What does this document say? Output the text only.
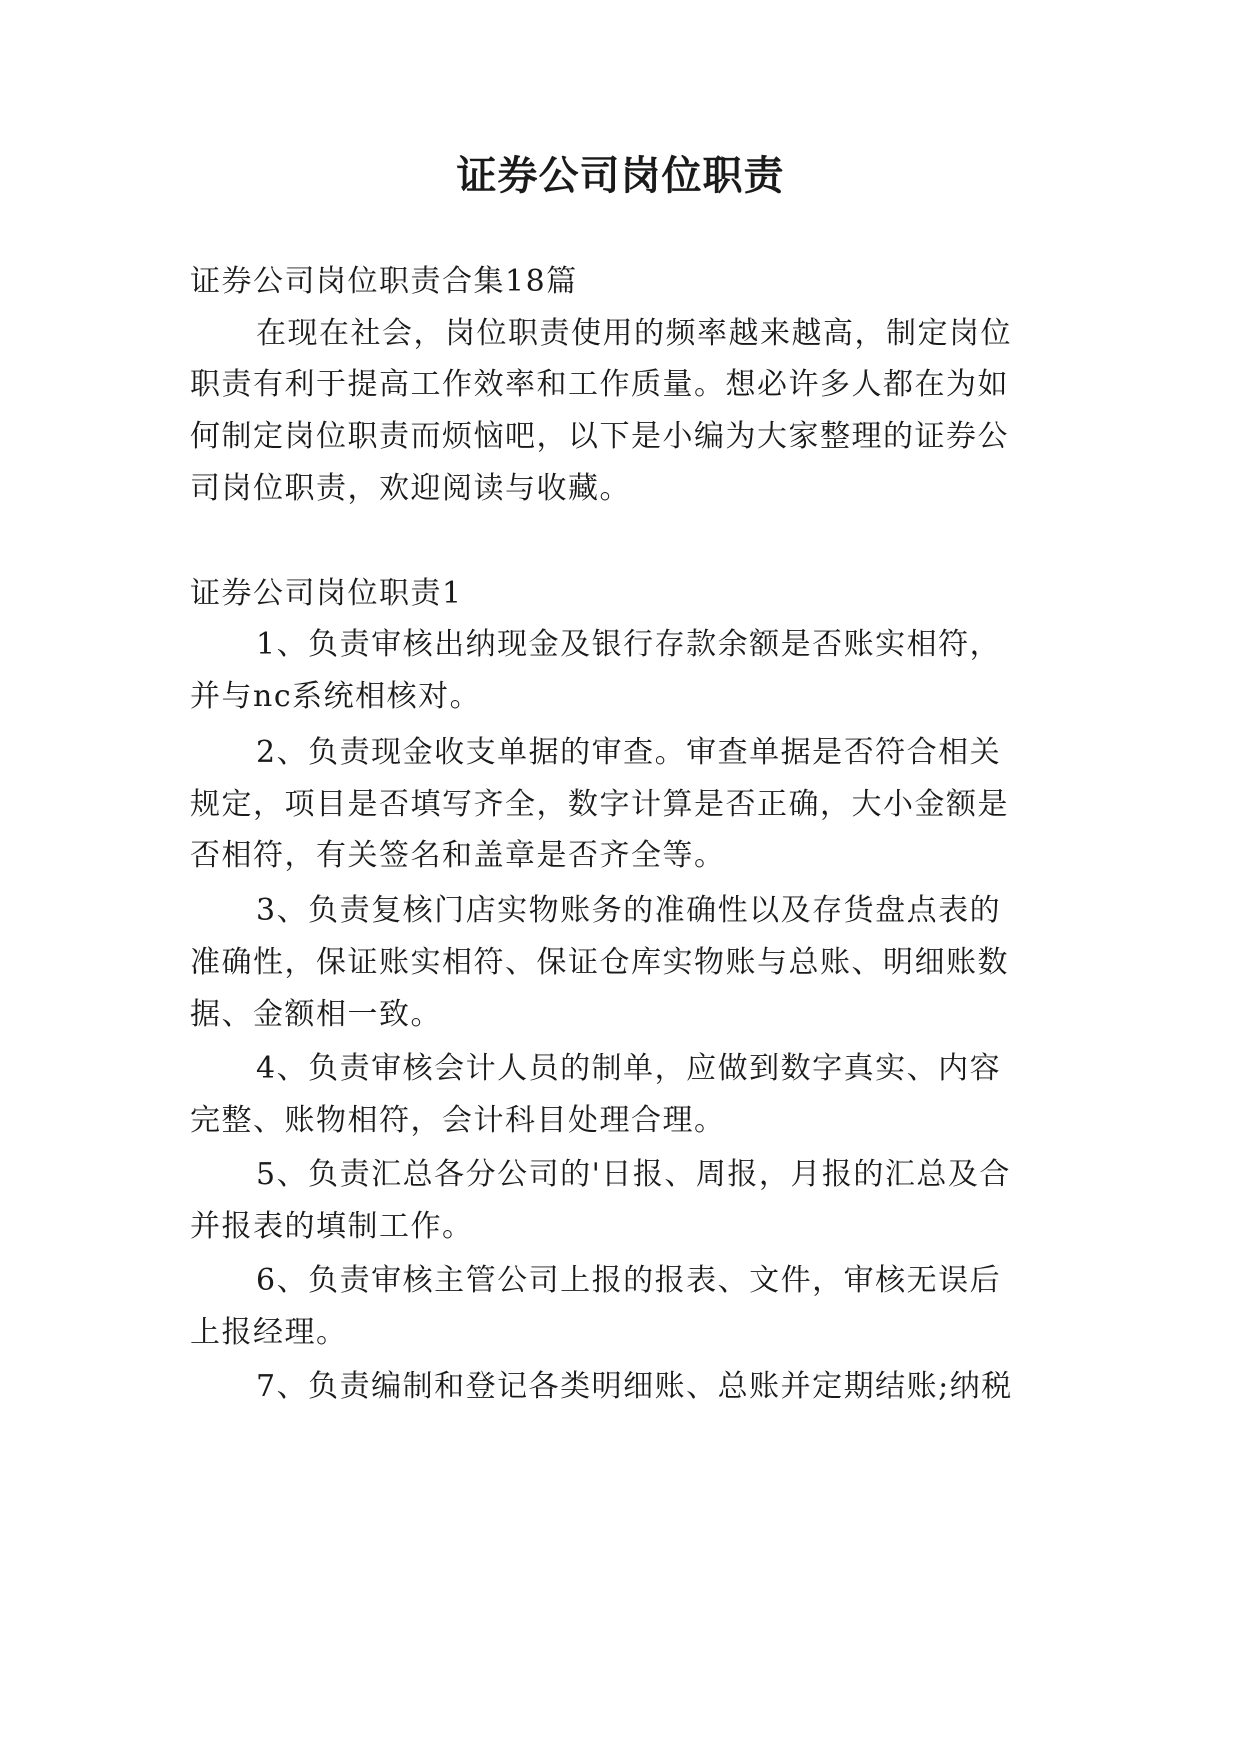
证券公司岗位职责
证券公司岗位职责合集18篇
在现在社会，岗位职责使用的频率越来越高，制定岗位
职责有利于提高工作效率和工作质量。想必许多人都在为如
何制定岗位职责而烦恼吧，以下是小编为大家整理的证券公
司岗位职责，欢迎阅读与收藏。
证券公司岗位职责1
1、负责审核出纳现金及银行存款余额是否账实相符，
并与nc系统相核对。
2、负责现金收支单据的审查。审查单据是否符合相关
规定，项目是否填写齐全，数字计算是否正确，大小金额是
否相符，有关签名和盖章是否齐全等。
3、负责复核门店实物账务的准确性以及存货盘点表的
准确性，保证账实相符、保证仓库实物账与总账、明细账数
据、金额相一致。
4、负责审核会计人员的制单，应做到数字真实、内容
完整、账物相符，会计科目处理合理。
5、负责汇总各分公司的'日报、周报，月报的汇总及合
并报表的填制工作。
6、负责审核主管公司上报的报表、文件，审核无误后
上报经理。
7、负责编制和登记各类明细账、总账并定期结账;纳税
